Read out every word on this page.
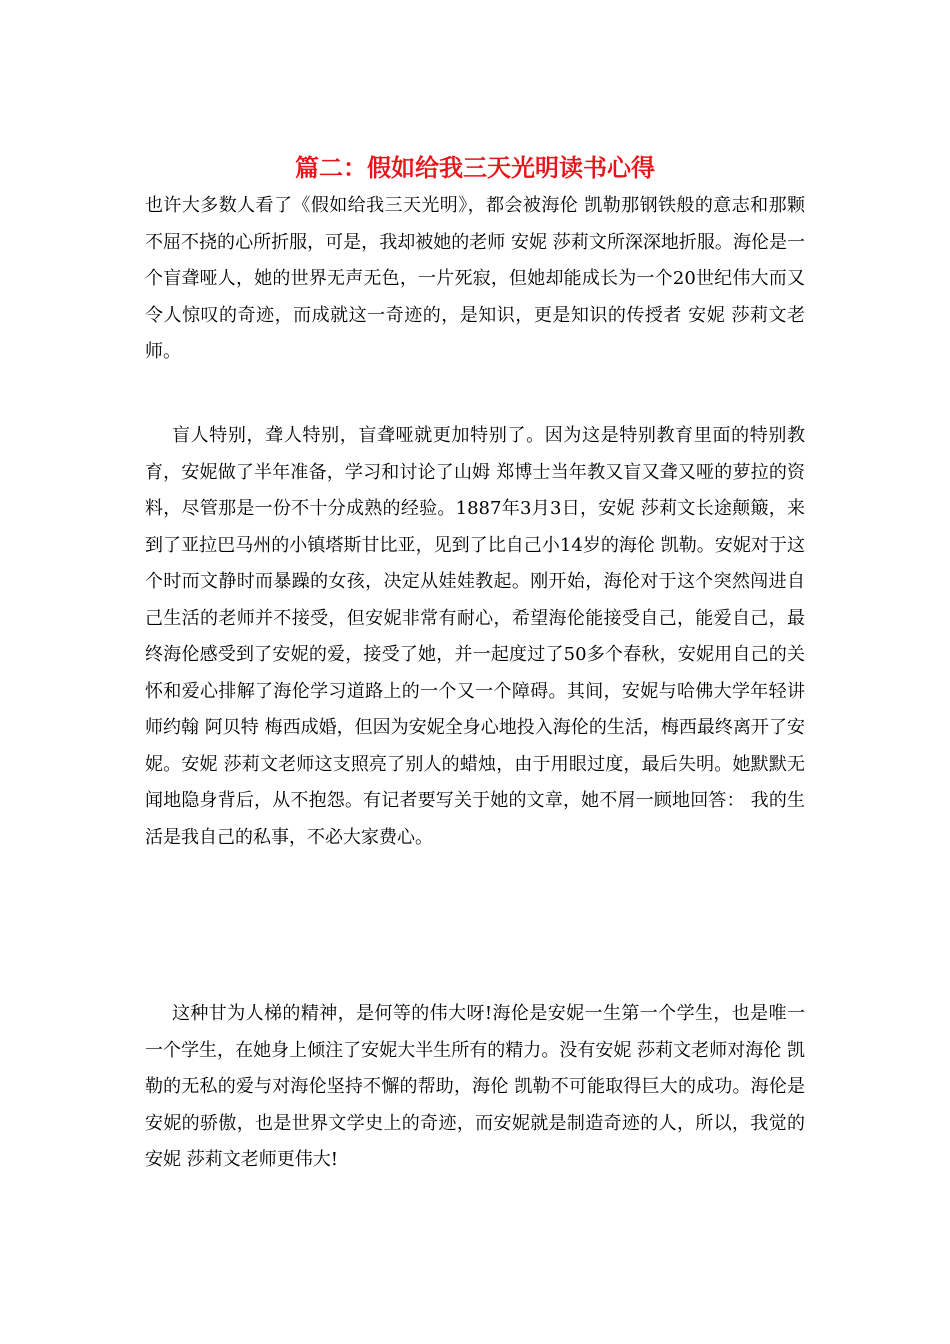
篇二：假如给我三天光明读书心得

也许大多数人看了《假如给我三天光明》，都会被海伦 凯勒那钢铁般的意志和那颗不屈不挠的心所折服，可是，我却被她的老师 安妮 莎莉文所深深地折服。海伦是一个盲聋哑人，她的世界无声无色，一片死寂，但她却能成长为一个20世纪伟大而又令人惊叹的奇迹，而成就这一奇迹的，是知识，更是知识的传授者 安妮 莎莉文老师。

盲人特别，聋人特别，盲聋哑就更加特别了。因为这是特别教育里面的特别教育，安妮做了半年准备，学习和讨论了山姆 郑博士当年教又盲又聋又哑的萝拉的资料，尽管那是一份不十分成熟的经验。1887年3月3日，安妮 莎莉文长途颠簸，来到了亚拉巴马州的小镇塔斯甘比亚，见到了比自己小14岁的海伦 凯勒。安妮对于这个时而文静时而暴躁的女孩，决定从娃娃教起。刚开始，海伦对于这个突然闯进自己生活的老师并不接受，但安妮非常有耐心，希望海伦能接受自己，能爱自己，最终海伦感受到了安妮的爱，接受了她，并一起度过了50多个春秋，安妮用自己的关怀和爱心排解了海伦学习道路上的一个又一个障碍。其间，安妮与哈佛大学年轻讲师约翰 阿贝特 梅西成婚，但因为安妮全身心地投入海伦的生活，梅西最终离开了安妮。安妮 莎莉文老师这支照亮了别人的蜡烛，由于用眼过度，最后失明。她默默无闻地隐身背后，从不抱怨。有记者要写关于她的文章，她不屑一顾地回答： 我的生活是我自己的私事，不必大家费心。

这种甘为人梯的精神，是何等的伟大呀!海伦是安妮一生第一个学生，也是唯一一个学生，在她身上倾注了安妮大半生所有的精力。没有安妮 莎莉文老师对海伦 凯勒的无私的爱与对海伦坚持不懈的帮助，海伦 凯勒不可能取得巨大的成功。海伦是安妮的骄傲，也是世界文学史上的奇迹，而安妮就是制造奇迹的人，所以，我觉的安妮 莎莉文老师更伟大!
